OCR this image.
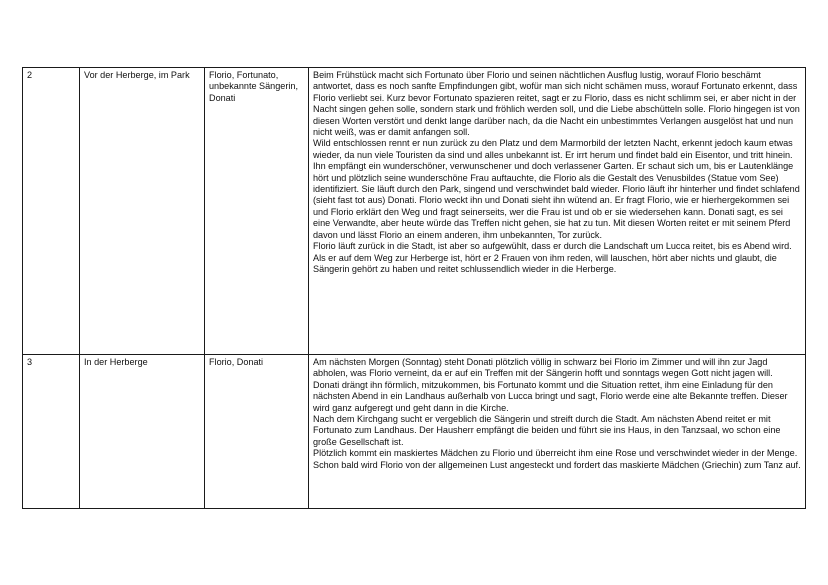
2	Vor der Herberge, im Park	Florio, Fortunato, unbekannte Sängerin, Donati	Beim Frühstück macht sich Fortunato über Florio und seinen nächtlichen Ausflug lustig, worauf Florio beschämt antwortet, dass es noch sanfte Empfindungen gibt, wofür man sich nicht schämen muss, worauf Fortunato erkennt, dass Florio verliebt sei. Kurz bevor Fortunato spazieren reitet, sagt er zu Florio, dass es nicht schlimm sei, er aber nicht in der Nacht singen gehen solle, sondern stark und fröhlich werden soll, und die Liebe abschütteln solle. Florio hingegen ist von diesen Worten verstört und denkt lange darüber nach, da die Nacht ein unbestimmtes Verlangen ausgelöst hat und nun nicht weiß, was er damit anfangen soll.
Wild entschlossen rennt er nun zurück zu den Platz und dem Marmorbild der letzten Nacht, erkennt jedoch kaum etwas wieder, da nun viele Touristen da sind und alles unbekannt ist. Er irrt herum und findet bald ein Eisentor, und tritt hinein. Ihn empfängt ein wunderschöner, verwunschener und doch verlassener Garten. Er schaut sich um, bis er Lautenklänge hört und plötzlich seine wunderschöne Frau auftauchte, die Florio als die Gestalt des Venusbildes (Statue vom See) identifiziert. Sie läuft durch den Park, singend und verschwindet bald wieder. Florio läuft ihr hinterher und findet schlafend (sieht fast tot aus) Donati. Florio weckt ihn und Donati sieht ihn wütend an. Er fragt Florio, wie er hierhergekommen sei und Florio erklärt den Weg und fragt seinerseits, wer die Frau ist und ob er sie wiedersehen kann. Donati sagt, es sei eine Verwandte, aber heute würde das Treffen nicht gehen, sie hat zu tun. Mit diesen Worten reitet er mit seinem Pferd davon und lässt Florio an einem anderen, ihm unbekannten, Tor zurück.
Florio läuft zurück in die Stadt, ist aber so aufgewühlt, dass er durch die Landschaft um Lucca reitet, bis es Abend wird. Als er auf dem Weg zur Herberge ist, hört er 2 Frauen von ihm reden, will lauschen, hört aber nichts und glaubt, die Sängerin gehört zu haben und reitet schlussendlich wieder in die Herberge.

3	In der Herberge	Florio, Donati	Am nächsten Morgen (Sonntag) steht Donati plötzlich völlig in schwarz bei Florio im Zimmer und will ihn zur Jagd abholen, was Florio verneint, da er auf ein Treffen mit der Sängerin hofft und sonntags wegen Gott nicht jagen will. Donati drängt ihn förmlich, mitzukommen, bis Fortunato kommt und die Situation rettet, ihm eine Einladung für den nächsten Abend in ein Landhaus außerhalb von Lucca bringt und sagt, Florio werde eine alte Bekannte treffen. Dieser wird ganz aufgeregt und geht dann in die Kirche.
Nach dem Kirchgang sucht er vergeblich die Sängerin und streift durch die Stadt. Am nächsten Abend reitet er mit Fortunato zum Landhaus. Der Hausherr empfängt die beiden und führt sie ins Haus, in den Tanzsaal, wo schon eine große Gesellschaft ist.
Plötzlich kommt ein maskiertes Mädchen zu Florio und überreicht ihm eine Rose und verschwindet wieder in der Menge. Schon bald wird Florio von der allgemeinen Lust angesteckt und fordert das maskierte Mädchen (Griechin) zum Tanz auf.
